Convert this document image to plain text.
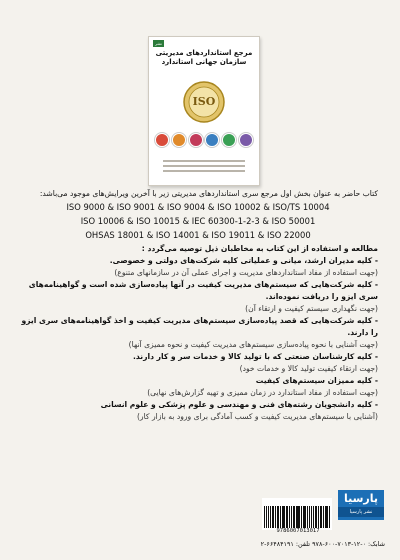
نشر
مرجع استانداردهای مدیریتی
سازمان جهانی استاندارد
ISO

کتاب حاضر به عنوان بخش اول مرجع سری استانداردهای مدیریتی زیر با آخرین ویرایش‌های موجود می‌باشد:

ISO 9000 & ISO 9001 & ISO 9004 & ISO 10002 & ISO/TS 10004
ISO 10006 & ISO 10015 & IEC 60300-1-2-3 & ISO 50001
OHSAS 18001 & ISO 14001 & ISO 19011 & ISO 22000

مطالعه و استفاده از این کتاب به مخاطبان ذیل توصیه می‌گردد :

- کلیه مدیران ارشد، میانی و عملیاتی کلیه شرکت‌های دولتی و خصوصی.

(جهت استفاده از مفاد استانداردهای مدیریت و اجرای عملی آن در سازمانهای متنوع)

- کلیه شرکت‌هایی که سیستم‌های مدیریت کیفیت در آنها پیاده‌سازی شده است و گواهینامه‌های سری ایزو را دریافت نموده‌اند.

(جهت نگهداری سیستم کیفیت و ارتقاء آن)

- کلیه شرکت‌هایی که قصد پیاده‌سازی سیستم‌های مدیریت کیفیت و اخذ گواهینامه‌های سری ایزو را دارند.

(جهت آشنایی با نحوه پیاده‌سازی سیستم‌های مدیریت کیفیت و نحوه ممیزی آنها)

- کلیه کارشناسان صنعتی که با تولید کالا و خدمات سر و کار دارند.

(جهت ارتقاء کیفیت تولید کالا و خدمات خود)

- کلیه ممیزان سیستم‌های کیفیت

(جهت استفاده از مفاد استاندارد در زمان ممیزی و تهیه گزارش‌های نهایی)

- کلیه دانشجویان رشته‌های فنی و مهندسی و علوم پزشکی و علوم انسانی

(آشنایی با سیستم‌های مدیریت کیفیت و کسب آمادگی برای ورود به بازار کار)

9786007013017
شابک: ۰-۱۲-۷۰۱۳-۶۰۰-۹۷۸ تلفن: ۶۶۴۸۴۱۹۱-۲
پارسیا
نشر پارسیا
